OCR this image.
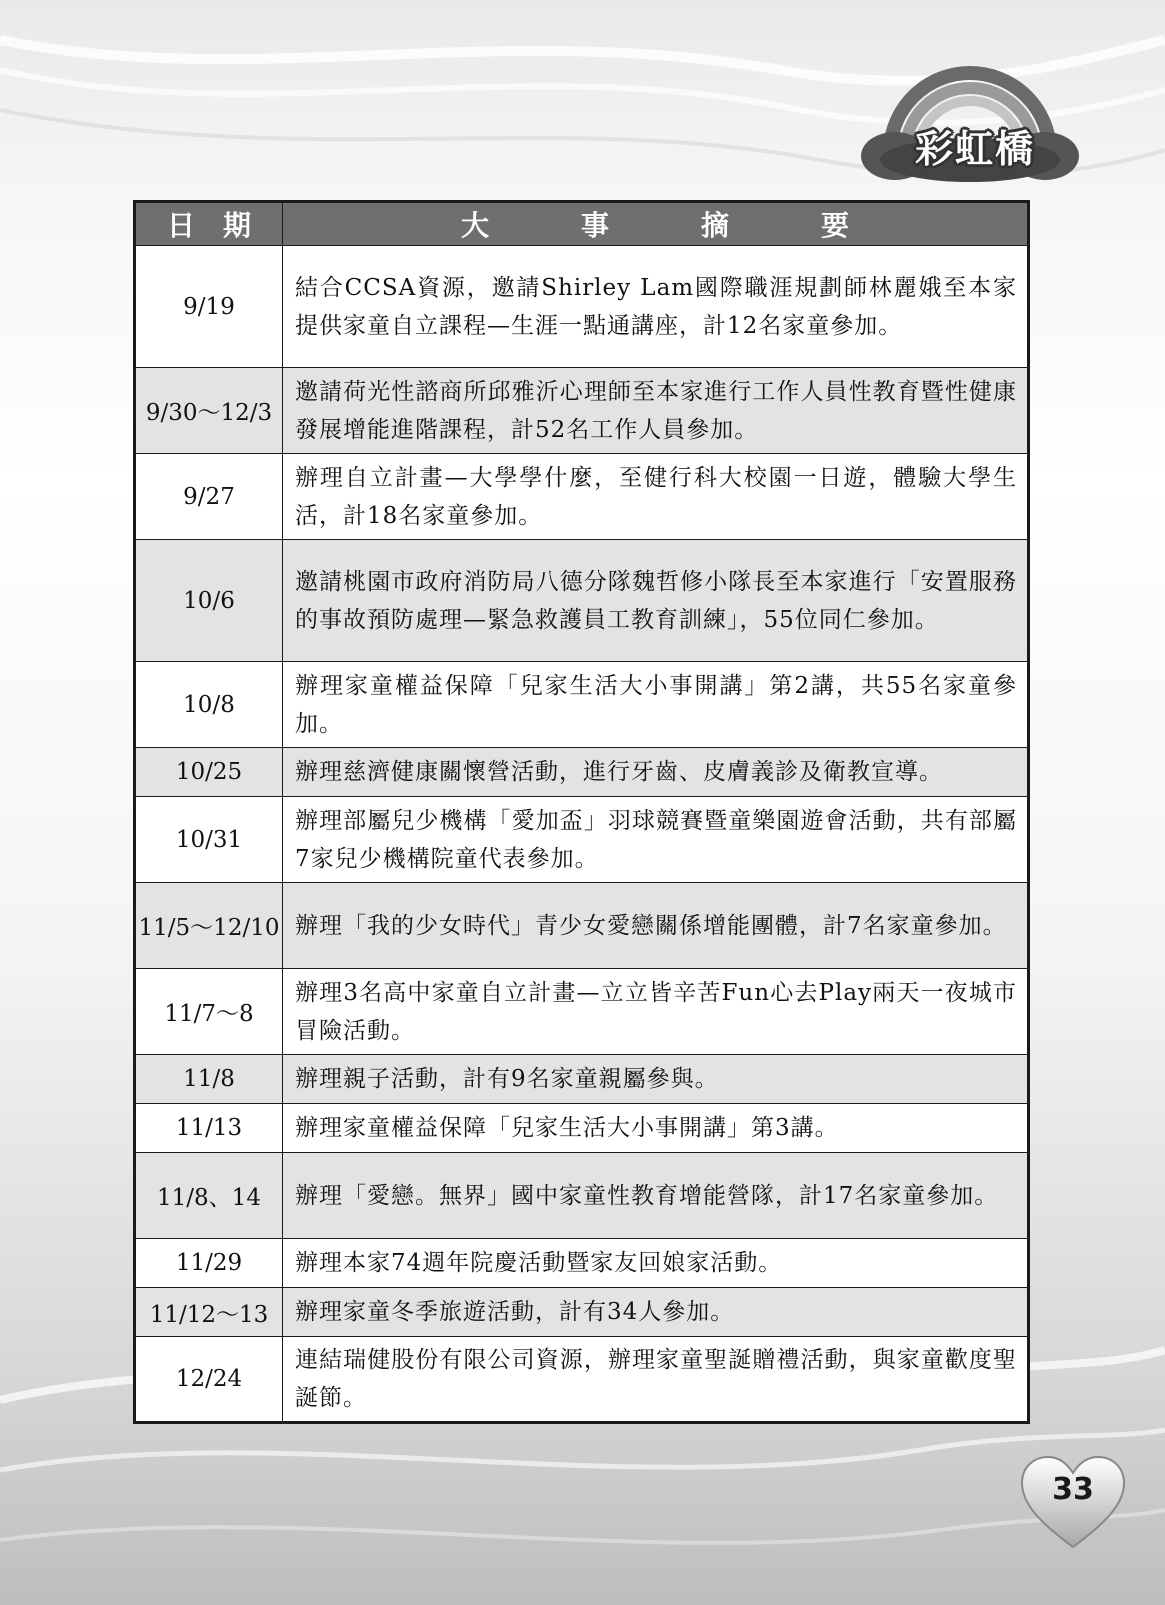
彩虹橋
日期	大事摘要
9/19	結合CCSA資源，邀請Shirley Lam國際職涯規劃師林麗娥至本家提供家童自立課程—生涯一點通講座，計12名家童參加。
9/30～12/3	邀請荷光性諮商所邱雅沂心理師至本家進行工作人員性教育暨性健康發展增能進階課程，計52名工作人員參加。
9/27	辦理自立計畫—大學學什麼，至健行科大校園一日遊，體驗大學生活，計18名家童參加。
10/6	邀請桃園市政府消防局八德分隊魏哲修小隊長至本家進行「安置服務的事故預防處理—緊急救護員工教育訓練」，55位同仁參加。
10/8	辦理家童權益保障「兒家生活大小事開講」第2講，共55名家童參加。
10/25	辦理慈濟健康關懷營活動，進行牙齒、皮膚義診及衛教宣導。
10/31	辦理部屬兒少機構「愛加盃」羽球競賽暨童樂園遊會活動，共有部屬7家兒少機構院童代表參加。
11/5～12/10	辦理「我的少女時代」青少女愛戀關係增能團體，計7名家童參加。
11/7～8	辦理3名高中家童自立計畫—立立皆辛苦Fun心去Play兩天一夜城市冒險活動。
11/8	辦理親子活動，計有9名家童親屬參與。
11/13	辦理家童權益保障「兒家生活大小事開講」第3講。
11/8、14	辦理「愛戀。無界」國中家童性教育增能營隊，計17名家童參加。
11/29	辦理本家74週年院慶活動暨家友回娘家活動。
11/12～13	辦理家童冬季旅遊活動，計有34人參加。
12/24	連結瑞健股份有限公司資源，辦理家童聖誕贈禮活動，與家童歡度聖誕節。
33
